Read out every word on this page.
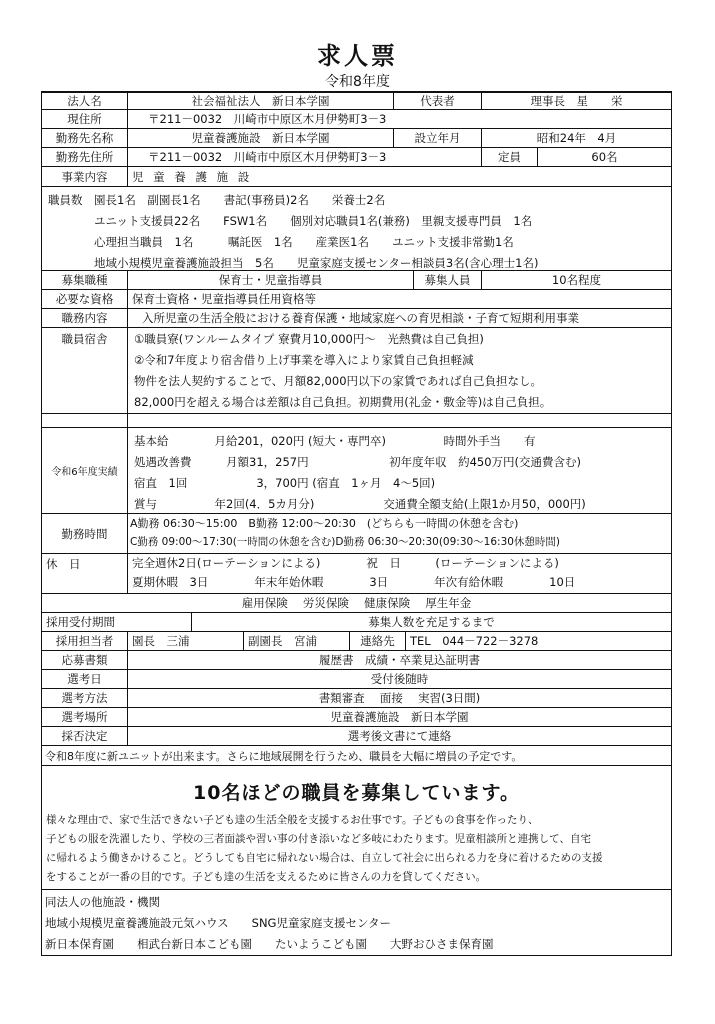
求人票
令和8年度
法人名	社会福祉法人　新日本学園	代表者	理事長　星　　栄
現住所	〒211－0032　川崎市中原区木月伊勢町3－3
勤務先名称	児童養護施設　新日本学園	設立年月	昭和24年　4月
勤務先住所	〒211－0032　川崎市中原区木月伊勢町3－3	定員	60名
事業内容	児 童 養 護 施 設
職員数　 園長1名　副園長1名　　書記(事務員)2名　　栄養士2名
ユニット支援員22名　　FSW1名　　個別対応職員1名(兼務)　里親支援専門員　1名
心理担当職員　1名　　　嘱託医　1名　　産業医1名　　ユニット支援非常勤1名
地域小規模児童養護施設担当　5名　　児童家庭支援センター相談員3名(含心理士1名)
募集職種	保育士・児童指導員	募集人員	10名程度
必要な資格	保育士資格・児童指導員任用資格等
職務内容	入所児童の生活全般における養育保護・地域家庭への育児相談・子育て短期利用事業
職員宿舎	①職員寮(ワンルームタイプ 寮費月10,000円～　光熱費は自己負担)
②令和7年度より宿舎借り上げ事業を導入により家賃自己負担軽減
物件を法人契約することで、月額82,000円以下の家賃であれば自己負担なし。
82,000円を超える場合は差額は自己負担。初期費用(礼金・敷金等)は自己負担。
令和6年度実績
基本給　　　　月給201，020円 (短大・専門卒)　　　　　時間外手当　　有
処遇改善費　　　月額31，257円　　　　　　　初年度年収　約450万円(交通費含む)
宿直　1回　　　　　　3，700円 (宿直　1ヶ月　4～5回)
賞与　　　　　年2回(4．5カ月分)　　　　　　交通費全額支給(上限1か月50，000円)
勤務時間
A勤務 06:30～15:00　B勤務 12:00～20:30　(どちらも一時間の休憩を含む)
C勤務 09:00～17:30(一時間の休憩を含む)D勤務 06:30～20:30(09:30～16:30休憩時間)
休　日	完全週休2日(ローテーションによる)　　　　祝　日　　　(ローテーションによる)
夏期休暇　3日　　　　年末年始休暇　　　　3日　　　　年次有給休暇　　　　10日
雇用保険　 労災保険　 健康保険　 厚生年金
採用受付期間	募集人数を充足するまで
採用担当者	園長　三浦	副園長　宮浦	連絡先	TEL　044－722－3278
応募書類	履歴書　成績・卒業見込証明書
選考日	受付後随時
選考方法	書類審査　 面接　 実習(3日間)
選考場所	児童養護施設　新日本学園
採否決定	選考後文書にて連絡
令和8年度に新ユニットが出来ます。さらに地域展開を行うため、職員を大幅に増員の予定です。
10名ほどの職員を募集しています。
様々な理由で、家で生活できない子ども達の生活全般を支援するお仕事です。子どもの食事を作ったり、
子どもの服を洗濯したり、学校の三者面談や習い事の付き添いなど多岐にわたります。児童相談所と連携して、自宅
に帰れるよう働きかけること。どうしても自宅に帰れない場合は、自立して社会に出られる力を身に着けるための支援
をすることが一番の目的です。子ども達の生活を支えるために皆さんの力を貸してください。
同法人の他施設・機関
地域小規模児童養護施設元気ハウス　　SNG児童家庭支援センター
新日本保育園　　相武台新日本こども園　　たいようこども園　　大野おひさま保育園
